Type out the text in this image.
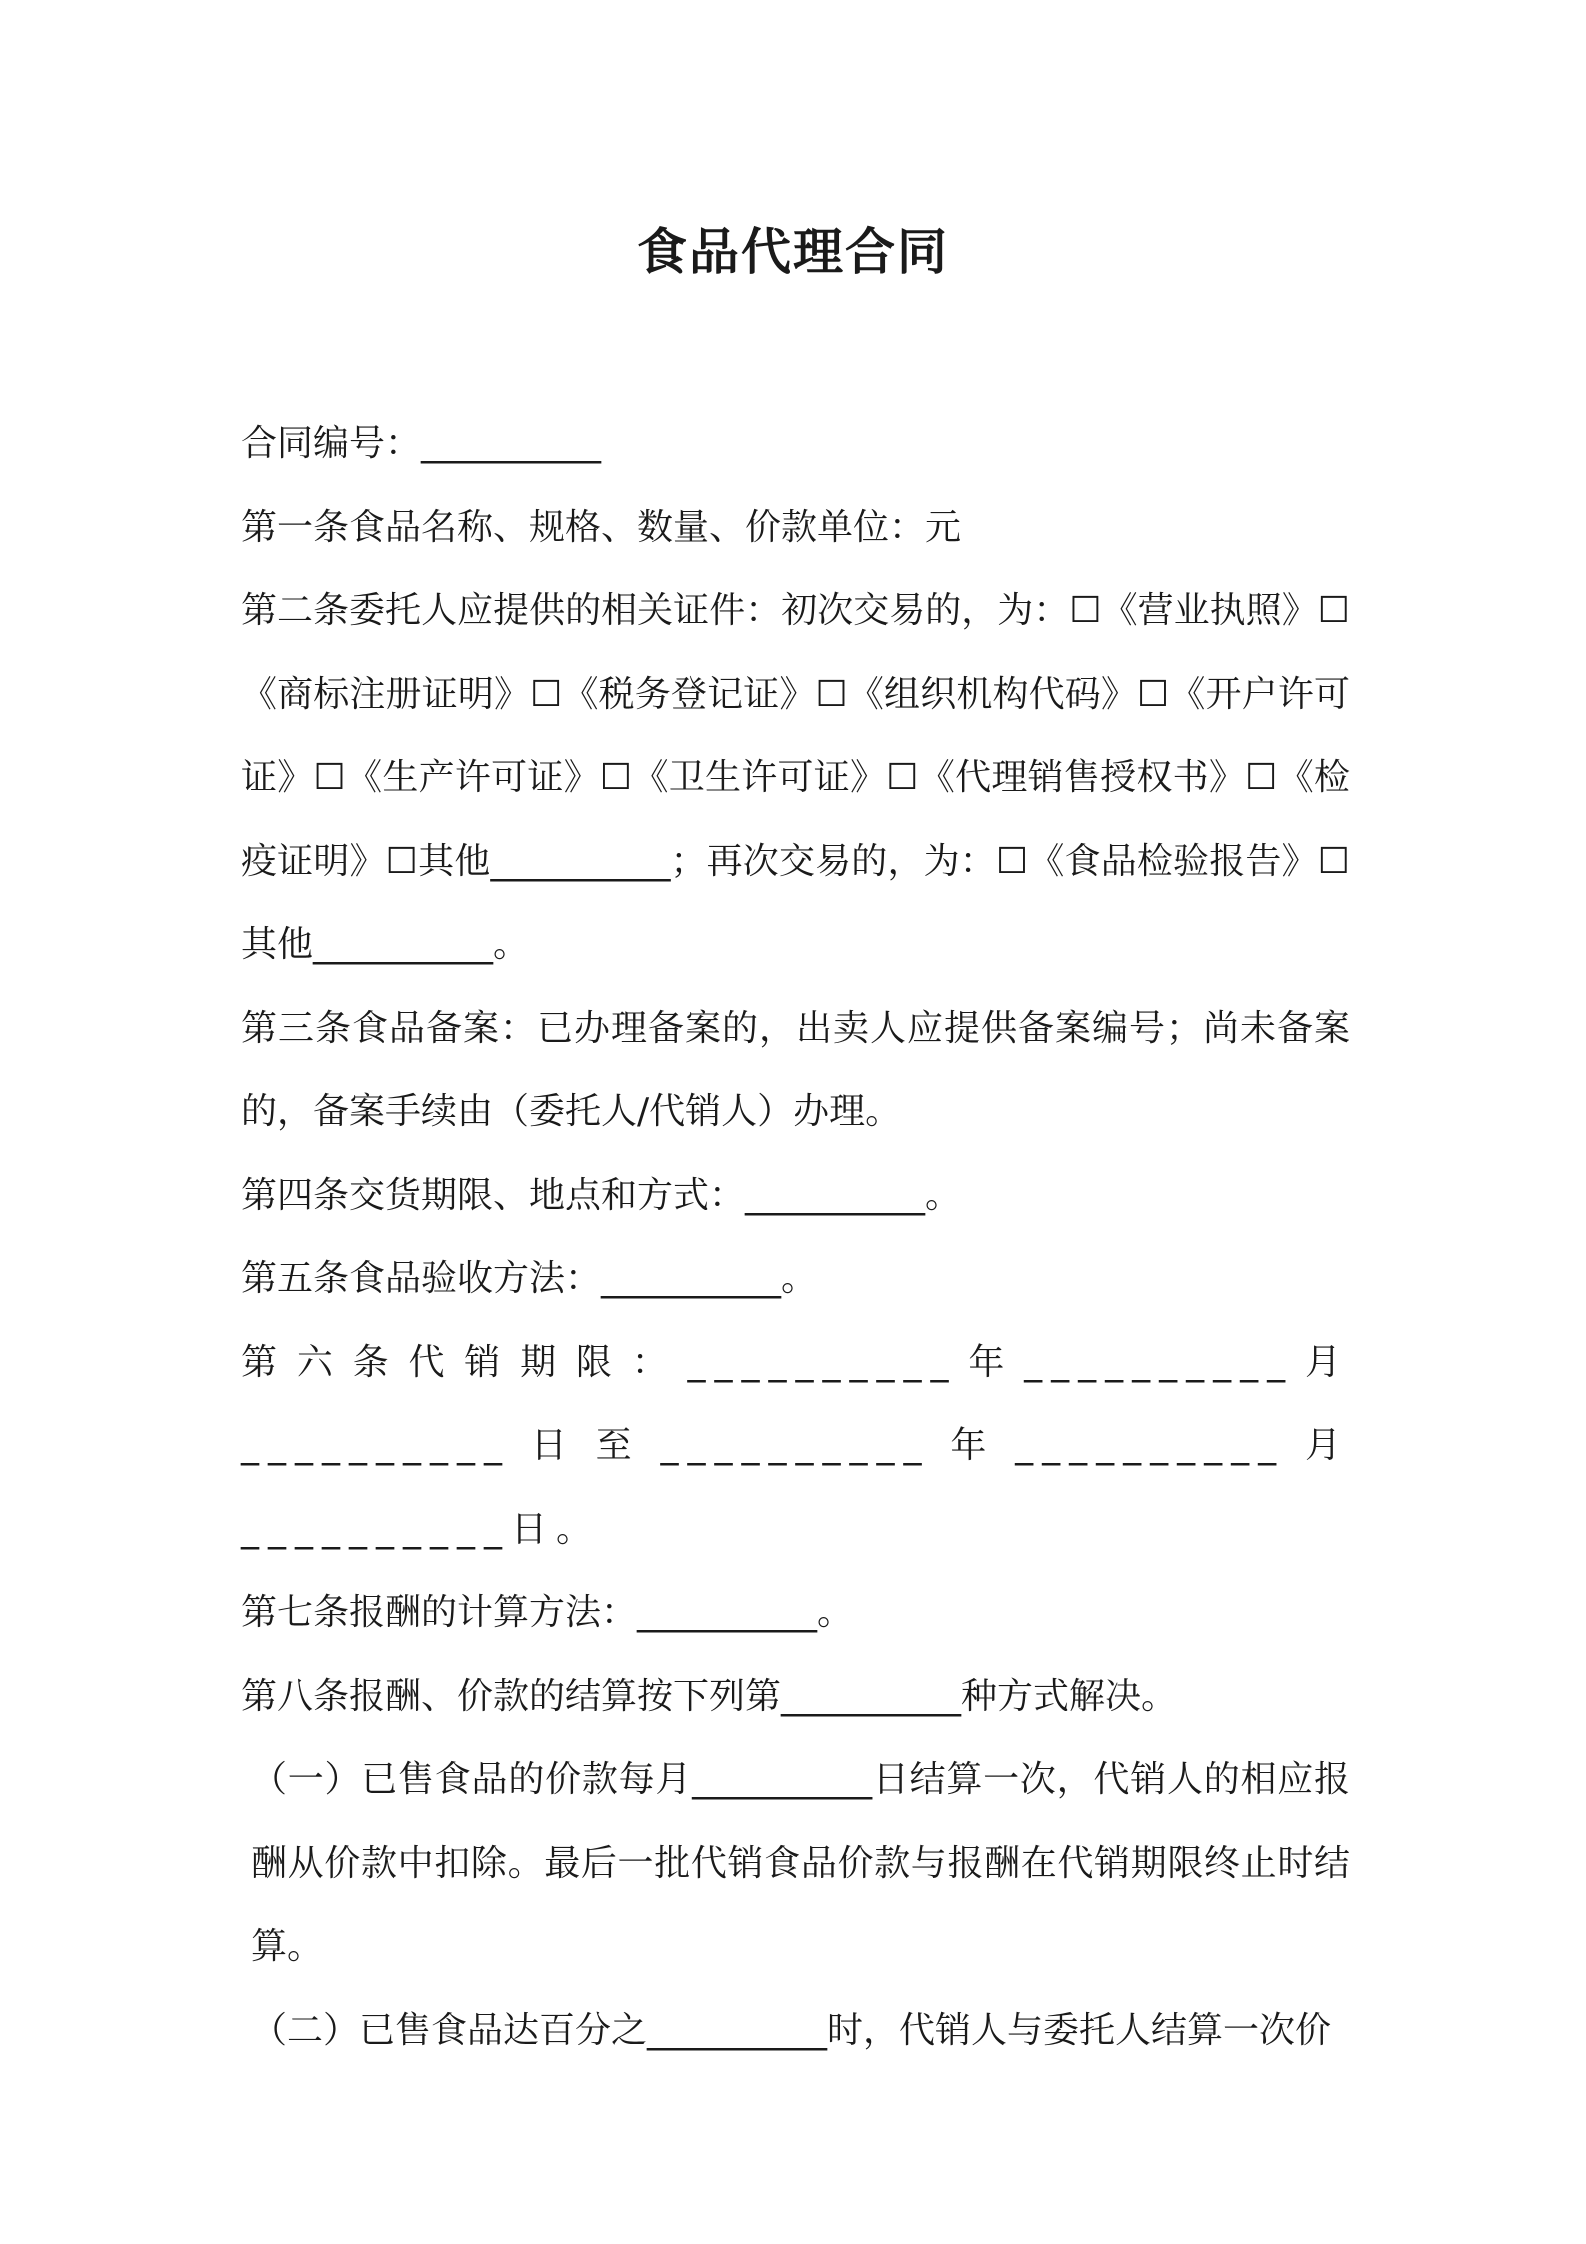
食品代理合同

合同编号：__________

第一条食品名称、规格、数量、价款单位：元

第二条委托人应提供的相关证件：初次交易的，为：☐《营业执照》☐《商标注册证明》☐《税务登记证》☐《组织机构代码》☐《开户许可证》☐《生产许可证》☐《卫生许可证》☐《代理销售授权书》☐《检疫证明》☐其他__________；再次交易的，为：☐《食品检验报告》☐其他__________。

第三条食品备案：已办理备案的，出卖人应提供备案编号；尚未备案的，备案手续由（委托人/代销人）办理。

第四条交货期限、地点和方式：__________。

第五条食品验收方法：__________。

第六条代销期限：__________年__________月__________日至__________年__________月__________日。

第七条报酬的计算方法：__________。

第八条报酬、价款的结算按下列第__________种方式解决。

（一）已售食品的价款每月__________日结算一次，代销人的相应报酬从价款中扣除。最后一批代销食品价款与报酬在代销期限终止时结算。

（二）已售食品达百分之__________时，代销人与委托人结算一次价
